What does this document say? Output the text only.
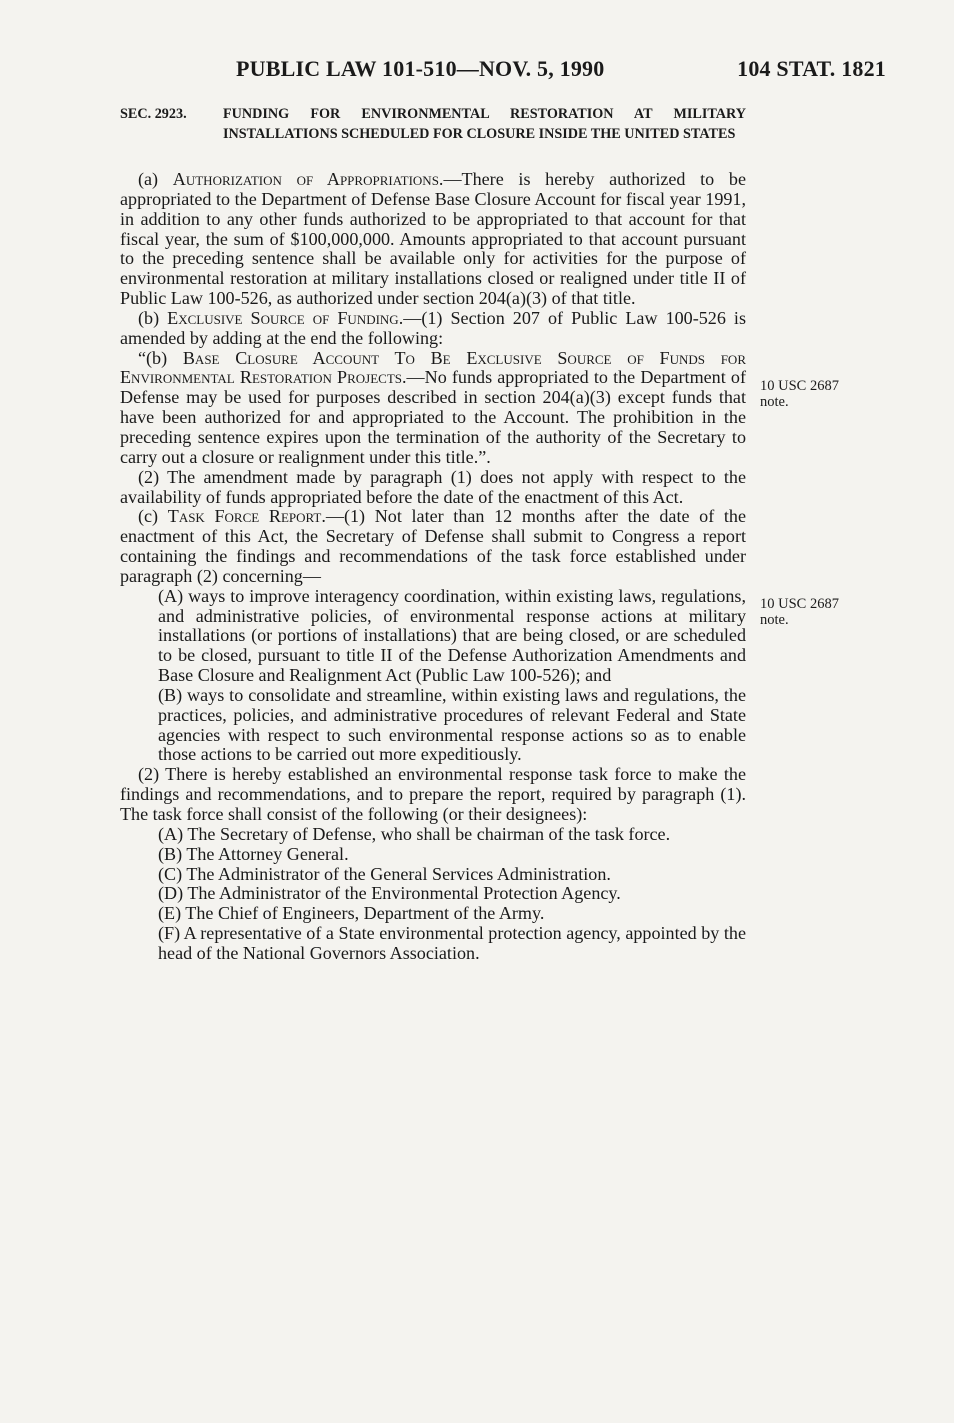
PUBLIC LAW 101-510—NOV. 5, 1990	104 STAT. 1821
SEC. 2923.	FUNDING FOR ENVIRONMENTAL RESTORATION AT MILITARY INSTALLATIONS SCHEDULED FOR CLOSURE INSIDE THE UNITED STATES

(a) Authorization of Appropriations.—There is hereby authorized to be appropriated to the Department of Defense Base Closure Account for fiscal year 1991, in addition to any other funds authorized to be appropriated to that account for that fiscal year, the sum of $100,000,000. Amounts appropriated to that account pursuant to the preceding sentence shall be available only for activities for the purpose of environmental restoration at military installations closed or realigned under title II of Public Law 100-526, as authorized under section 204(a)(3) of that title.

(b) Exclusive Source of Funding.—(1) Section 207 of Public Law 100-526 is amended by adding at the end the following:

“(b) Base Closure Account To Be Exclusive Source of Funds for Environmental Restoration Projects.—No funds appropriated to the Department of Defense may be used for purposes described in section 204(a)(3) except funds that have been authorized for and appropriated to the Account. The prohibition in the preceding sentence expires upon the termination of the authority of the Secretary to carry out a closure or realignment under this title.”.

(2) The amendment made by paragraph (1) does not apply with respect to the availability of funds appropriated before the date of the enactment of this Act.

(c) Task Force Report.—(1) Not later than 12 months after the date of the enactment of this Act, the Secretary of Defense shall submit to Congress a report containing the findings and recommendations of the task force established under paragraph (2) concerning—

(A) ways to improve interagency coordination, within existing laws, regulations, and administrative policies, of environmental response actions at military installations (or portions of installations) that are being closed, or are scheduled to be closed, pursuant to title II of the Defense Authorization Amendments and Base Closure and Realignment Act (Public Law 100-526); and

(B) ways to consolidate and streamline, within existing laws and regulations, the practices, policies, and administrative procedures of relevant Federal and State agencies with respect to such environmental response actions so as to enable those actions to be carried out more expeditiously.

(2) There is hereby established an environmental response task force to make the findings and recommendations, and to prepare the report, required by paragraph (1). The task force shall consist of the following (or their designees):

(A) The Secretary of Defense, who shall be chairman of the task force.

(B) The Attorney General.

(C) The Administrator of the General Services Administration.

(D) The Administrator of the Environmental Protection Agency.

(E) The Chief of Engineers, Department of the Army.

(F) A representative of a State environmental protection agency, appointed by the head of the National Governors Association.

10 USC 2687
note.
10 USC 2687
note.
